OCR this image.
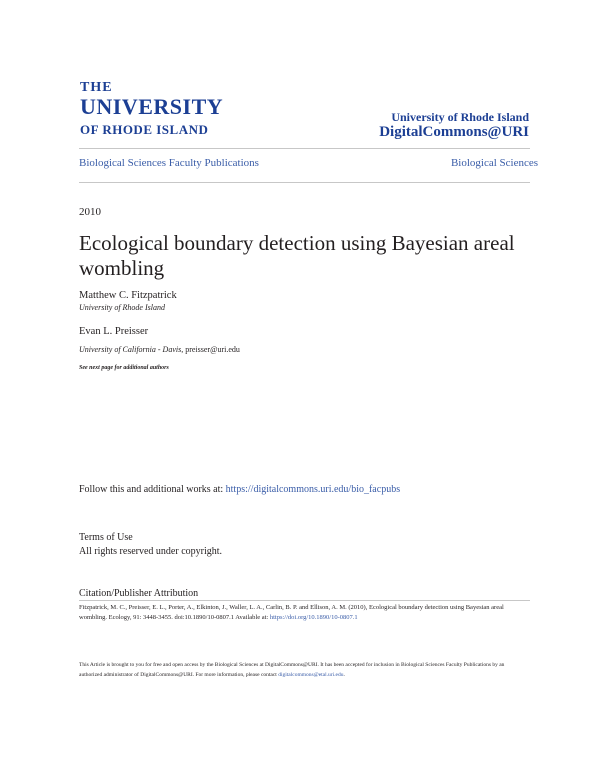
THE
UNIVERSITY
OF RHODE ISLAND
University of Rhode Island
DigitalCommons@URI
Biological Sciences Faculty Publications	Biological Sciences
2010
Ecological boundary detection using Bayesian areal wombling
Matthew C. Fitzpatrick
University of Rhode Island
Evan L. Preisser
University of California - Davis, preisser@uri.edu
See next page for additional authors
Follow this and additional works at: https://digitalcommons.uri.edu/bio_facpubs
Terms of Use
All rights reserved under copyright.
Citation/Publisher Attribution
Fitzpatrick, M. C., Preisser, E. L., Porter, A., Elkinton, J., Waller, L. A., Carlin, B. P. and Ellison, A. M. (2010), Ecological boundary detection using Bayesian areal wombling. Ecology, 91: 3448-3455. doi:10.1890/10-0807.1 Available at: https://doi.org/10.1890/10-0807.1
This Article is brought to you for free and open access by the Biological Sciences at DigitalCommons@URI. It has been accepted for inclusion in Biological Sciences Faculty Publications by an authorized administrator of DigitalCommons@URI. For more information, please contact digitalcommons@etal.uri.edu.
